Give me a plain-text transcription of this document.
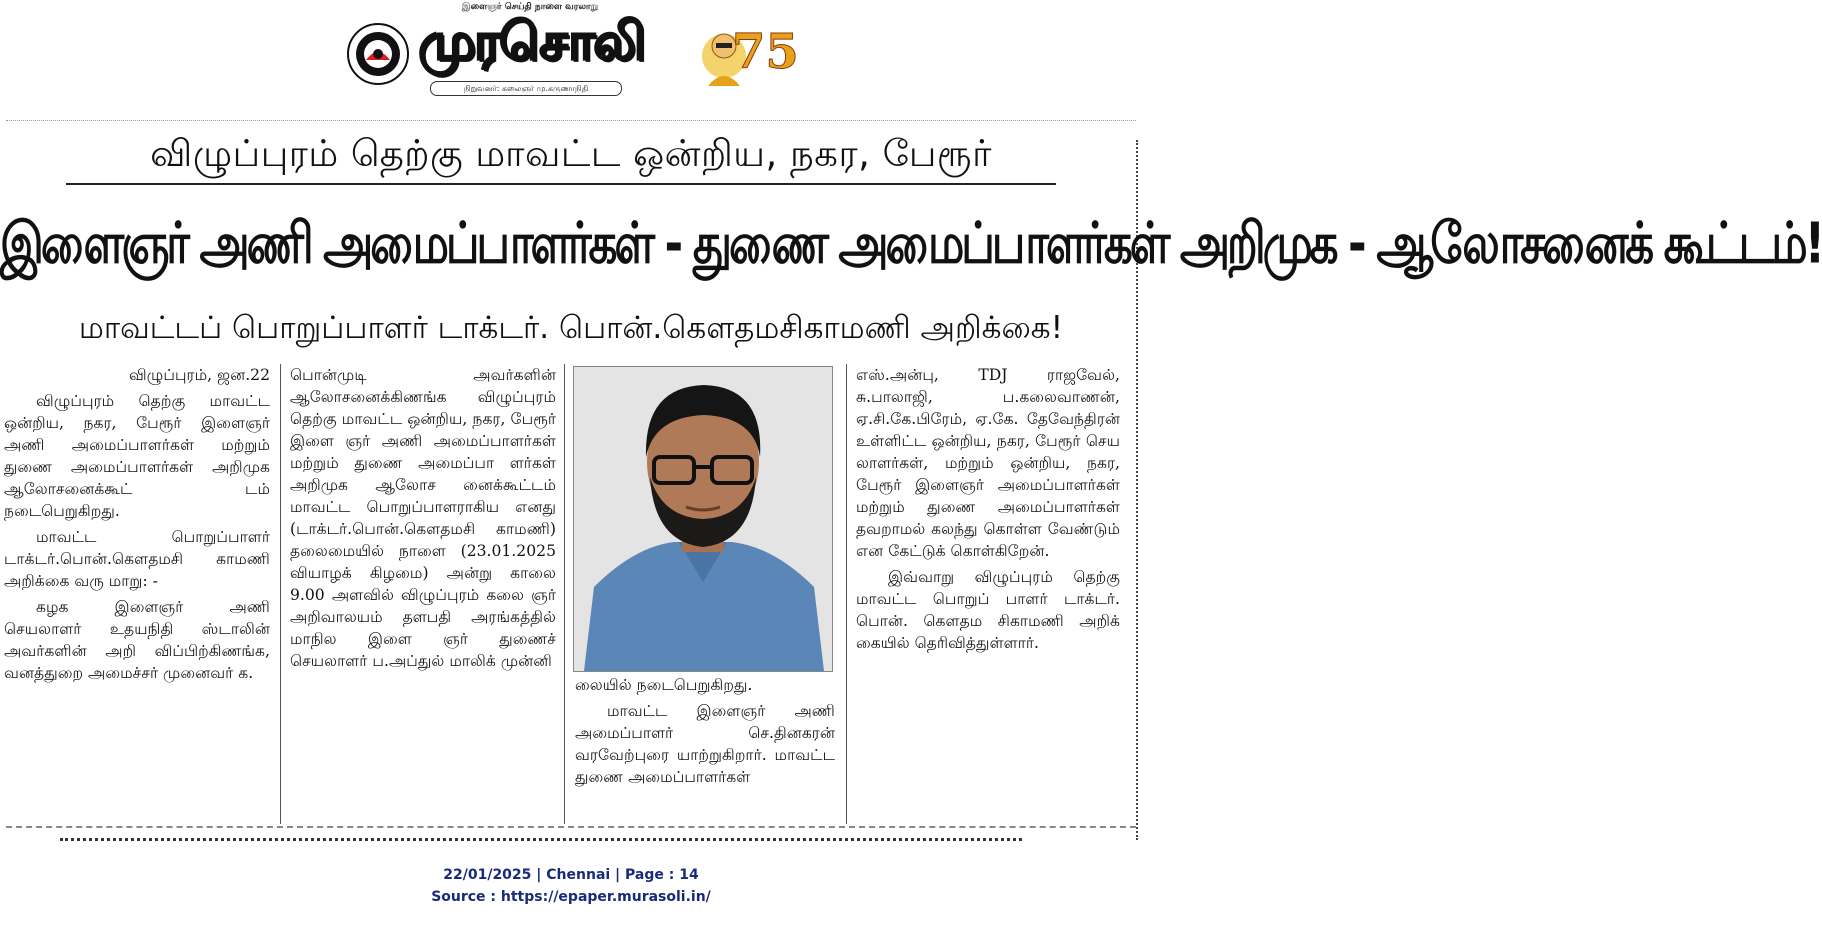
இளைஞர் செய்தி நாளை வரலாறு
முரசொலி
நிறுவனர்: கலைஞர் மு.கருணாநிதி
75
விழுப்புரம் தெற்கு மாவட்ட ஒன்றிய, நகர, பேரூர்
இளைஞர் அணி அமைப்பாளர்கள் - துணை அமைப்பாளர்கள் அறிமுக - ஆலோசனைக் கூட்டம்!
மாவட்டப் பொறுப்பாளர் டாக்டர். பொன்.கௌதமசிகாமணி அறிக்கை!

விழுப்புரம், ஜன.22

விழுப்புரம் தெற்கு மாவட்ட ஒன்றிய, நகர, பேரூர் இளைஞர் அணி அமைப்பாளர்கள் மற்றும் துணை அமைப்பாளர்கள் அறிமுக ஆலோசனைக்கூட் டம் நடைபெறுகிறது.

மாவட்ட பொறுப்பாளர் டாக்டர்.பொன்.கௌதமசி காமணி அறிக்கை வரு மாறு: -

கழக இளைஞர் அணி செயலாளர் உதயநிதி ஸ்டாலின் அவர்களின் அறி விப்பிற்கிணங்க, வனத்துறை அமைச்சர் முனைவர் க.

பொன்முடி அவர்களின் ஆலோசனைக்கிணங்க விழுப்புரம் தெற்கு மாவட்ட ஒன்றிய, நகர, பேரூர் இளை ஞர் அணி அமைப்பாளர்கள் மற்றும் துணை அமைப்பா ளர்கள் அறிமுக ஆலோச னைக்கூட்டம் மாவட்ட பொறுப்பாளராகிய எனது (டாக்டர்.பொன்.கௌதமசி காமணி) தலைமையில் நாளை (23.01.2025 வியாழக் கிழமை) அன்று காலை 9.00 அளவில் விழுப்புரம் கலை ஞர் அறிவாலயம் தளபதி அரங்கத்தில் மாநில இளை ஞர் துணைச் செயலாளர் ப.அப்துல் மாலிக் முன்னி

லையில் நடைபெறுகிறது.

மாவட்ட இளைஞர் அணி அமைப்பாளர் செ.தினகரன் வரவேற்புரை யாற்றுகிறார். மாவட்ட துணை அமைப்பாளர்கள்

எஸ்.அன்பு, TDJ ராஜவேல், சு.பாலாஜி, ப.கலைவாணன், ஏ.சி.கே.பிரேம், ஏ.கே. தேவேந்திரன் உள்ளிட்ட ஒன்றிய, நகர, பேரூர் செய லாளர்கள், மற்றும் ஒன்றிய, நகர, பேரூர் இளைஞர் அமைப்பாளர்கள் மற்றும் துணை அமைப்பாளர்கள் தவறாமல் கலந்து கொள்ள வேண்டும் என கேட்டுக் கொள்கிறேன்.

இவ்வாறு விழுப்புரம் தெற்கு மாவட்ட பொறுப் பாளர் டாக்டர். பொன். கௌதம சிகாமணி அறிக் கையில் தெரிவித்துள்ளார்.

22/01/2025 | Chennai | Page : 14
Source : https://epaper.murasoli.in/
